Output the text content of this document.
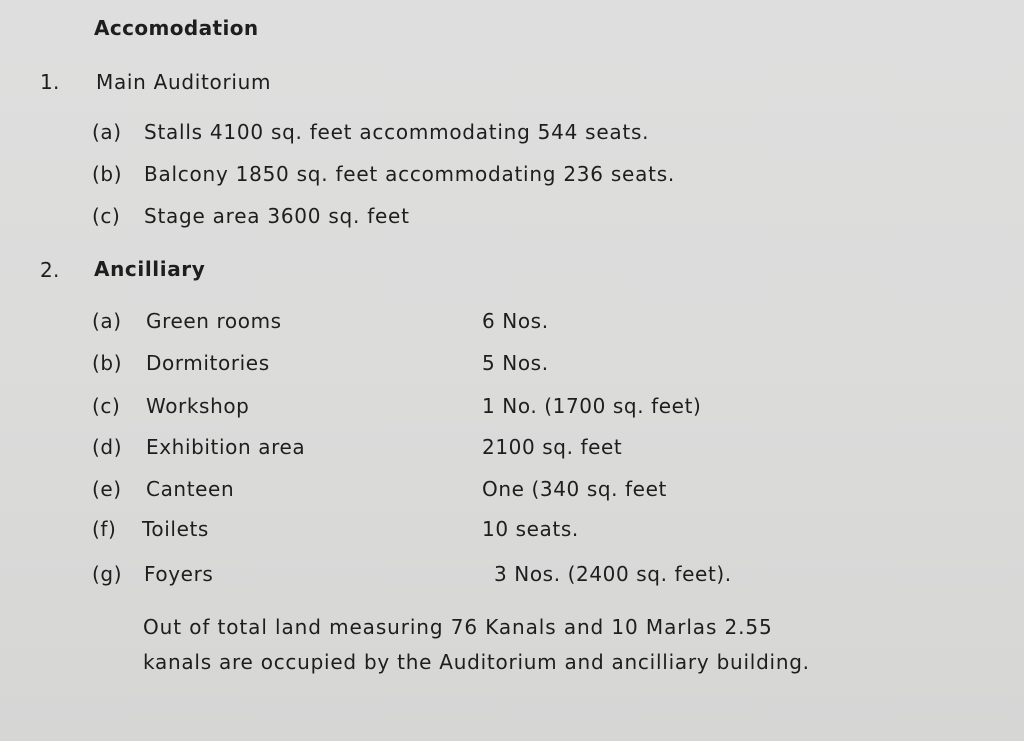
Accomodation
1. Main Auditorium
(a) Stalls 4100 sq. feet accommodating 544 seats.
(b) Balcony 1850 sq. feet accommodating 236 seats.
(c) Stage area 3600 sq. feet
2. Ancilliary
(a) Green rooms	6 Nos.
(b) Dormitories	5 Nos.
(c) Workshop	1 No. (1700 sq. feet)
(d) Exhibition area	2100 sq. feet
(e) Canteen	One (340 sq. feet
(f) Toilets	10 seats.
(g) Foyers	3 Nos. (2400 sq. feet).
Out of total land measuring 76 Kanals and 10 Marlas 2.55
kanals are occupied by the Auditorium and ancilliary building.
